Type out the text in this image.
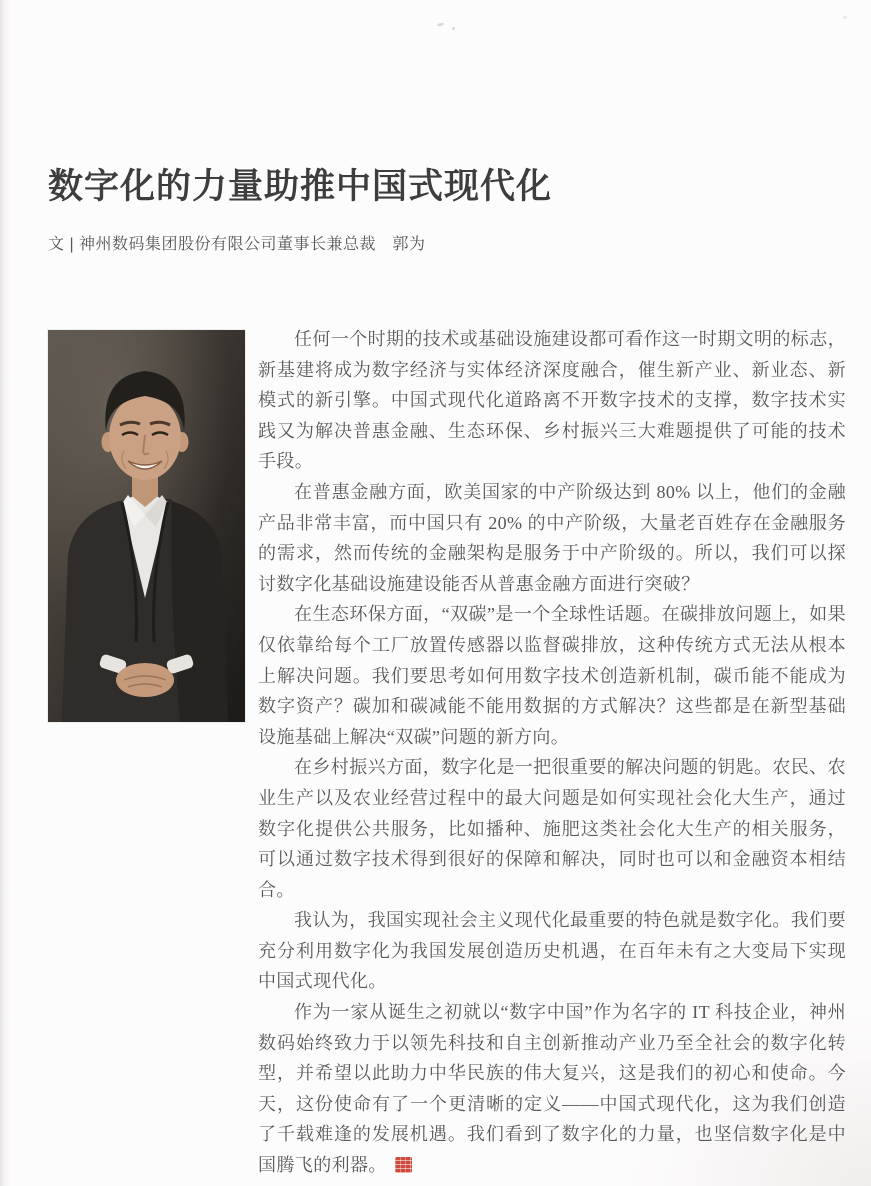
数字化的力量助推中国式现代化
文 | 神州数码集团股份有限公司董事长兼总裁　郭为

任何一个时期的技术或基础设施建设都可看作这一时期文明的标志，新基建将成为数字经济与实体经济深度融合，催生新产业、新业态、新模式的新引擎。中国式现代化道路离不开数字技术的支撑，数字技术实践又为解决普惠金融、生态环保、乡村振兴三大难题提供了可能的技术手段。

在普惠金融方面，欧美国家的中产阶级达到 80% 以上，他们的金融产品非常丰富，而中国只有 20% 的中产阶级，大量老百姓存在金融服务的需求，然而传统的金融架构是服务于中产阶级的。所以，我们可以探讨数字化基础设施建设能否从普惠金融方面进行突破？

在生态环保方面，“双碳”是一个全球性话题。在碳排放问题上，如果仅依靠给每个工厂放置传感器以监督碳排放，这种传统方式无法从根本上解决问题。我们要思考如何用数字技术创造新机制，碳币能不能成为数字资产？碳加和碳减能不能用数据的方式解决？这些都是在新型基础设施基础上解决“双碳”问题的新方向。

在乡村振兴方面，数字化是一把很重要的解决问题的钥匙。农民、农业生产以及农业经营过程中的最大问题是如何实现社会化大生产，通过数字化提供公共服务，比如播种、施肥这类社会化大生产的相关服务，可以通过数字技术得到很好的保障和解决，同时也可以和金融资本相结合。

我认为，我国实现社会主义现代化最重要的特色就是数字化。我们要充分利用数字化为我国发展创造历史机遇，在百年未有之大变局下实现中国式现代化。

作为一家从诞生之初就以“数字中国”作为名字的 IT 科技企业，神州数码始终致力于以领先科技和自主创新推动产业乃至全社会的数字化转型，并希望以此助力中华民族的伟大复兴，这是我们的初心和使命。今天，这份使命有了一个更清晰的定义——中国式现代化，这为我们创造了千载难逢的发展机遇。我们看到了数字化的力量，也坚信数字化是中国腾飞的利器。
